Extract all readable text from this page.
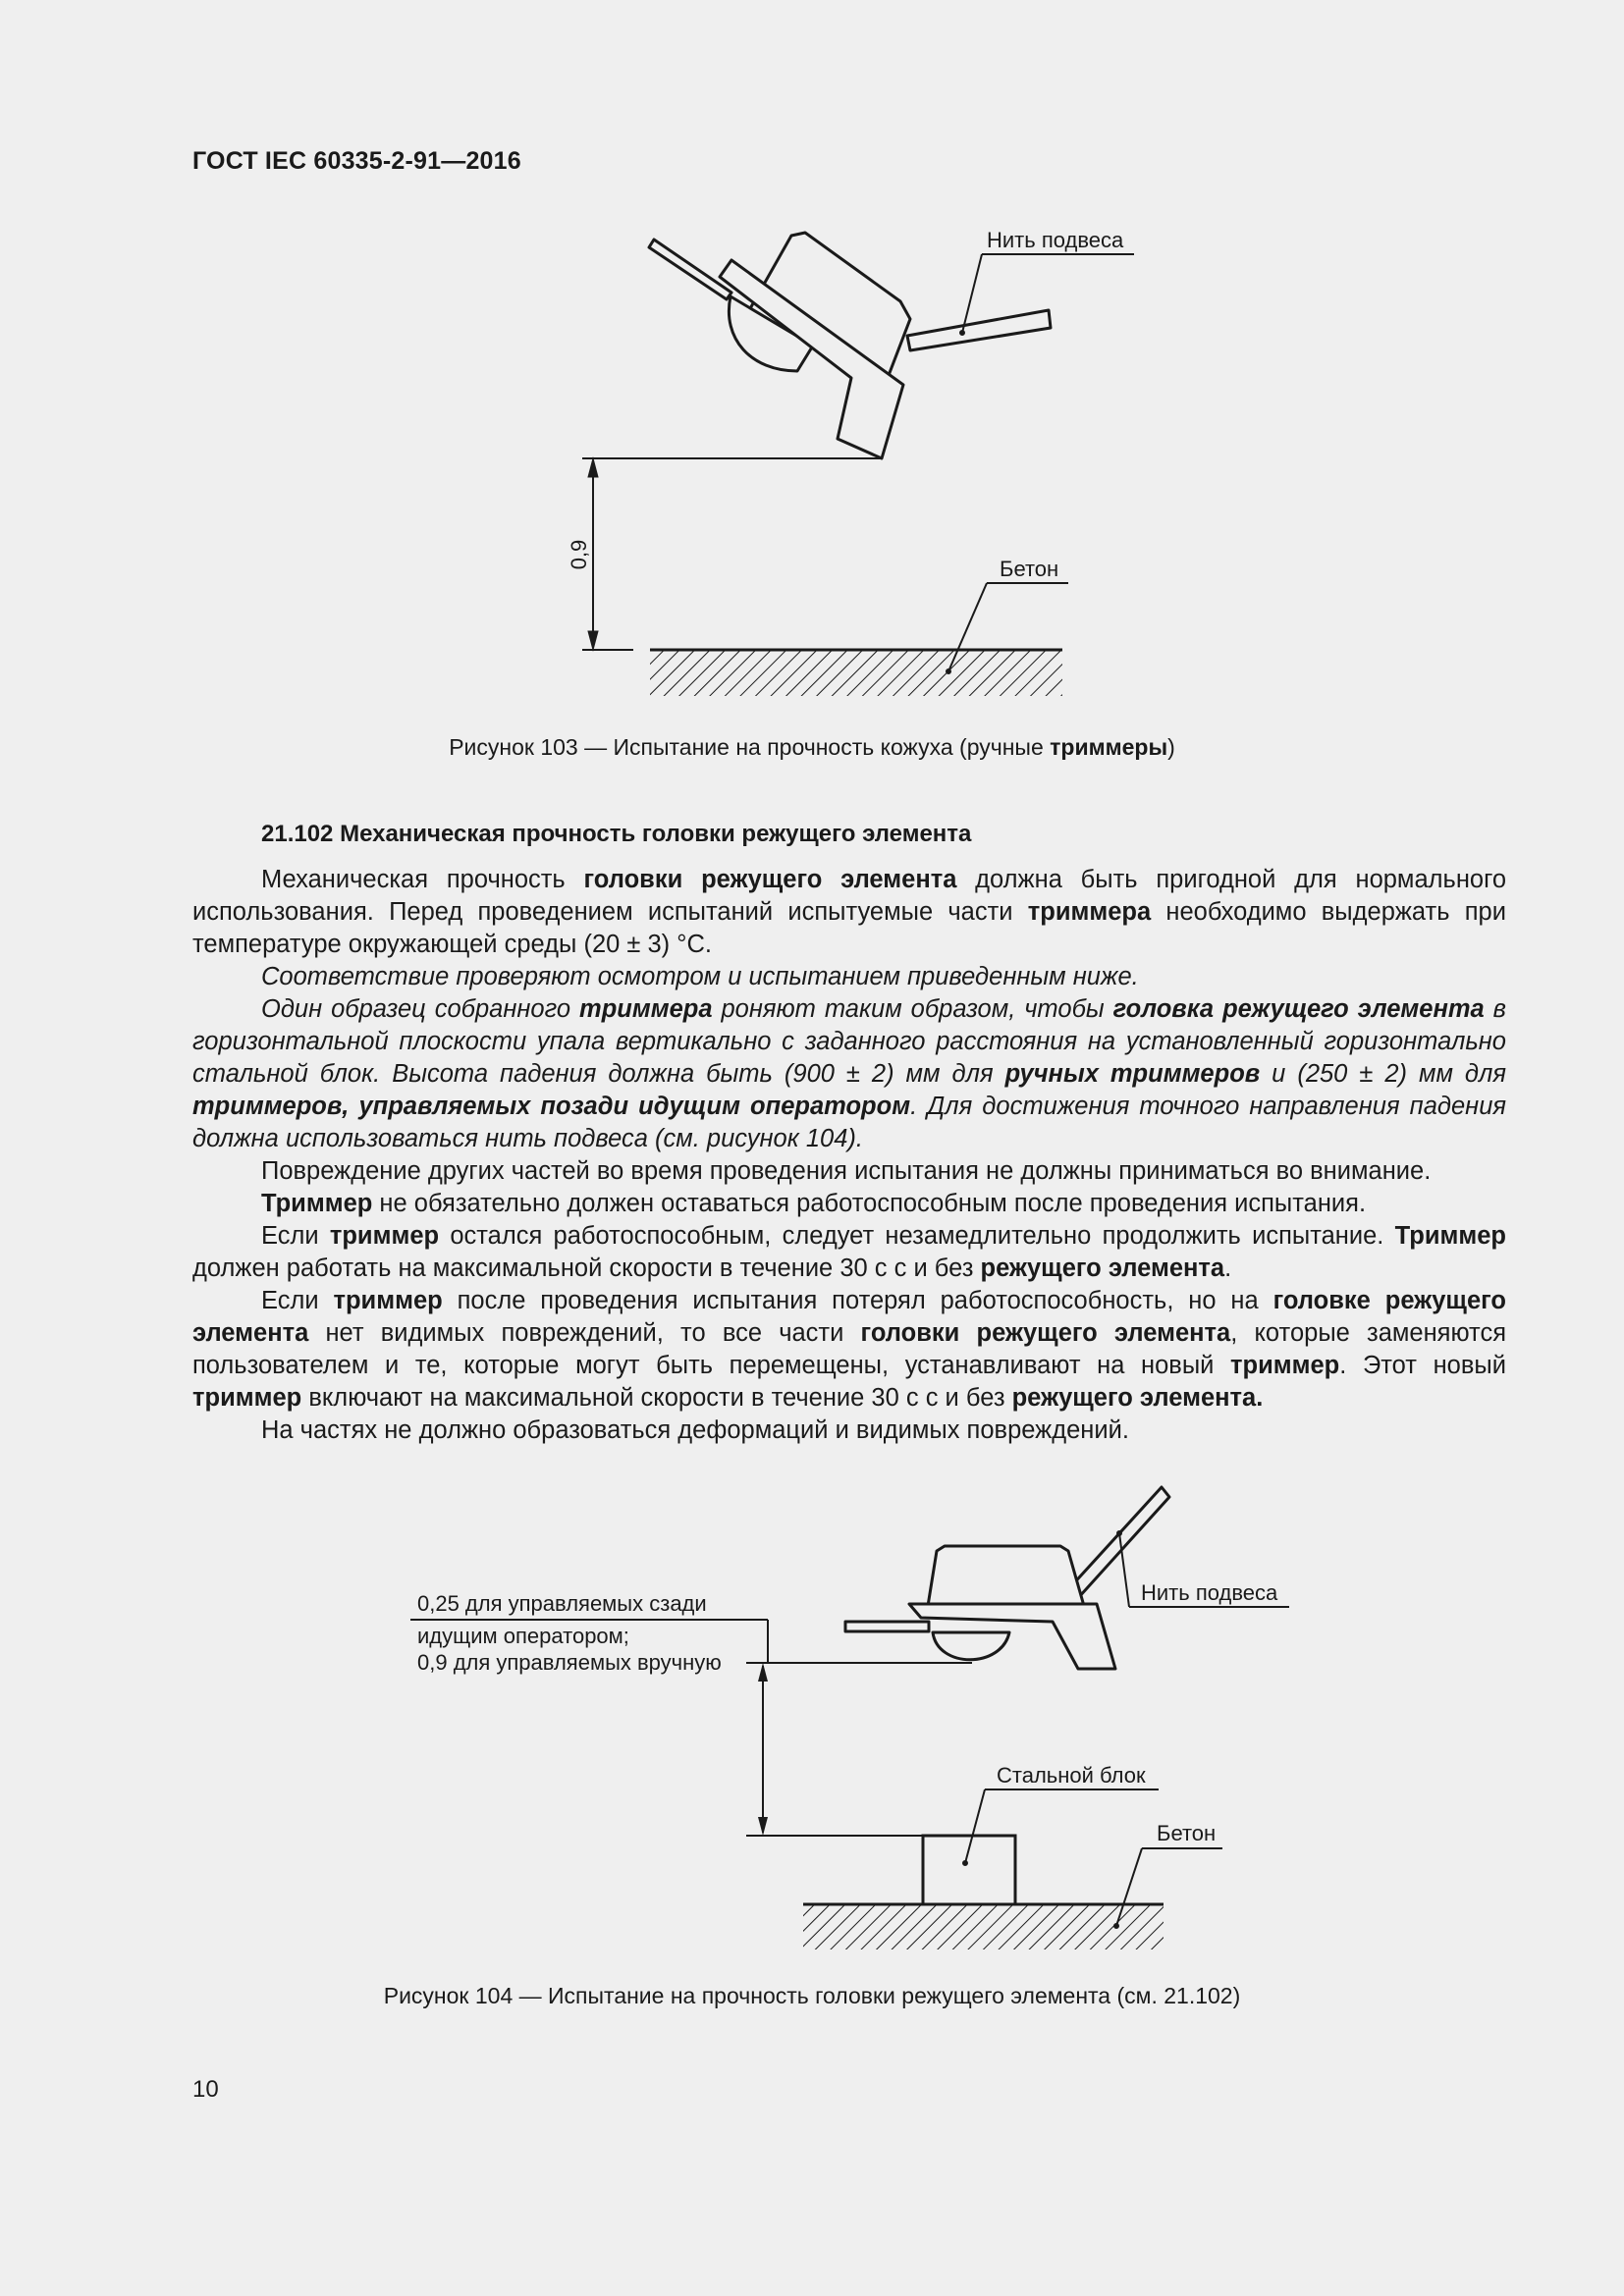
ГОСТ IEC 60335-2-91—2016
Нить подвеса
0,9	Бетон
Рисунок 103 — Испытание на прочность кожуха (ручные триммеры)
21.102 Механическая прочность головки режущего элемента

Механическая прочность головки режущего элемента должна быть пригодной для нормального использования. Перед проведением испытаний испытуемые части триммера необходимо выдержать при температуре окружающей среды (20 ± 3) °С.

Соответствие проверяют осмотром и испытанием приведенным ниже.

Один образец собранного триммера роняют таким образом, чтобы головка режущего элемента в горизонтальной плоскости упала вертикально с заданного расстояния на установленный горизонтально стальной блок. Высота падения должна быть (900 ± 2) мм для ручных триммеров и (250 ± 2) мм для триммеров, управляемых позади идущим оператором. Для достижения точного направления падения должна использоваться нить подвеса (см. рисунок 104).

Повреждение других частей во время проведения испытания не должны приниматься во внимание.

Триммер не обязательно должен оставаться работоспособным после проведения испытания.

Если триммер остался работоспособным, следует незамедлительно продолжить испытание. Триммер должен работать на максимальной скорости в течение 30 с с и без режущего элемента.

Если триммер после проведения испытания потерял работоспособность, но на головке режущего элемента нет видимых повреждений, то все части головки режущего элемента, которые заменяются пользователем и те, которые могут быть перемещены, устанавливают на новый триммер. Этот новый триммер включают на максимальной скорости в течение 30 с с и без режущего элемента.

На частях не должно образоваться деформаций и видимых повреждений.

Нить подвеса
0,25 для управляемых сзади
идущим оператором;
0,9 для управляемых вручную
Стальной блок
Бетон
Рисунок 104 — Испытание на прочность головки режущего элемента (см. 21.102)
10
